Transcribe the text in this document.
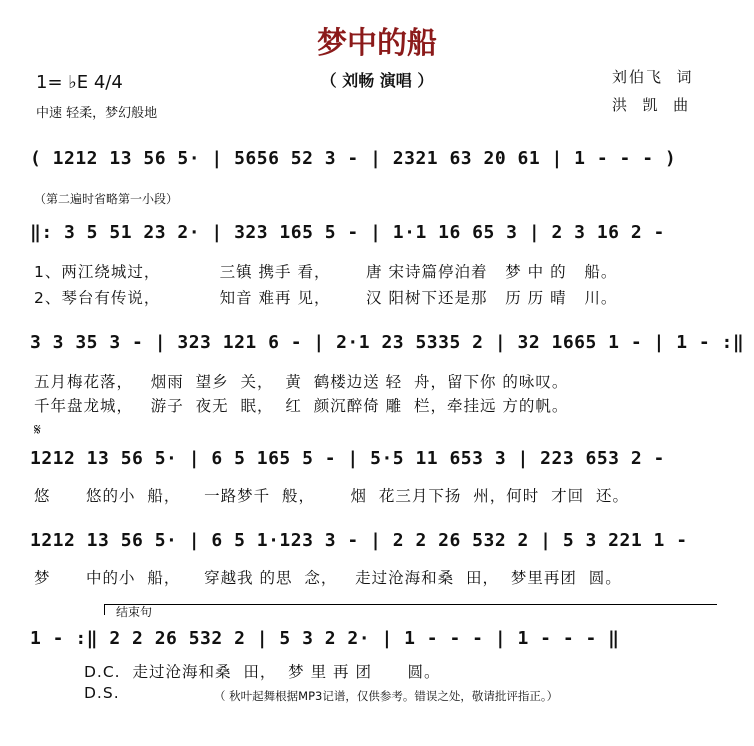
梦中的船
（ 刘畅 演唱 ）	刘伯飞  词
洪  凯  曲
1= ♭E 4/4
中速 轻柔，梦幻般地
( 1212 13 56 5· | 5656 52 3 - | 2321 63 20 61 | 1 - - - )
（第二遍时省略第一小段）
‖: 3 5 51 23 2· | 323 165 5 - | 1·1 16 65 3 | 2 3 16 2 -
1、两江绕城过，          三镇 携手 看，      唐 宋诗篇停泊着   梦 中 的   船。
2、琴台有传说，          知音 难再 见，      汉 阳树下还是那   历 历 晴   川。
3 3 35 3 - | 323 121 6 - | 2·1 23 5335 2 | 32 1665 1 - | 1 - :‖
五月梅花落，   烟雨  望乡  关，  黄  鹤楼边送 轻  舟，留下你 的咏叹。
千年盘龙城，   游子  夜无  眠，  红  颜沉醉倚 雕  栏，牵挂远 方的帆。
𝄋
1212 13 56 5· | 6 5 165 5 - | 5·5 11 653 3 | 223 653 2 -
悠      悠的小  船，    一路梦千  般，      烟  花三月下扬  州，何时  才回  还。
1212 13 56 5· | 6 5 1·123 3 - | 2 2 26 532 2 | 5 3 221 1 -
梦      中的小  船，    穿越我 的思  念，   走过沧海和桑  田，  梦里再团  圆。
结束句
1 - :‖ 2 2 26 532 2 | 5 3 2 2· | 1 - - - | 1 - - - ‖
D.C.  走过沧海和桑  田，  梦 里 再 团      圆。
D.S.	（ 秋叶起舞根据MP3记谱，仅供参考。错误之处，敬请批评指正。）
